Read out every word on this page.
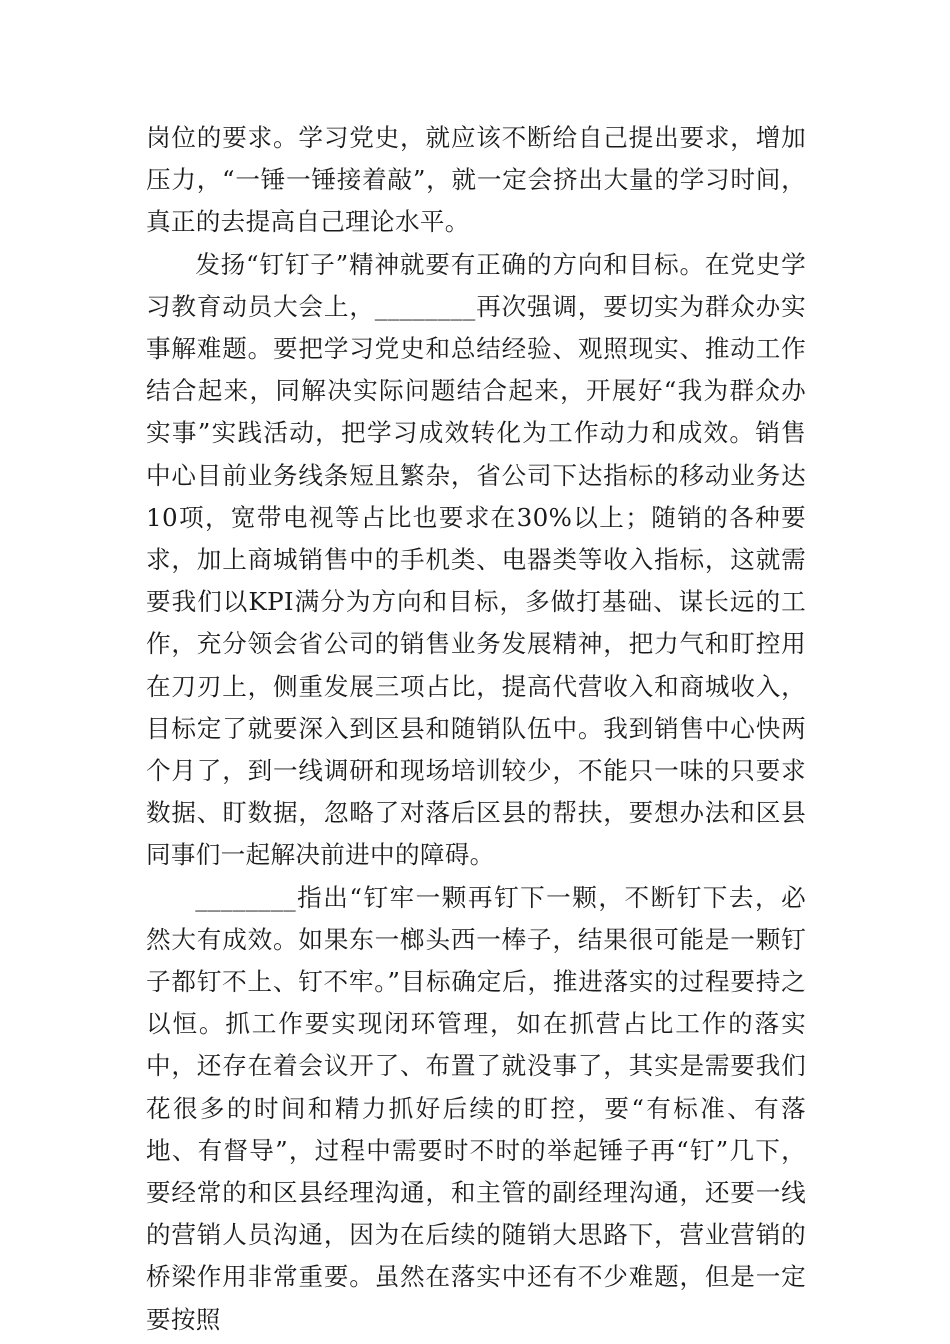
岗位的要求。学习党史，就应该不断给自己提出要求，增加压力，“一锤一锤接着敲”，就一定会挤出大量的学习时间，真正的去提高自己理论水平。

发扬“钉钉子”精神就要有正确的方向和目标。在党史学习教育动员大会上，________再次强调，要切实为群众办实事解难题。要把学习党史和总结经验、观照现实、推动工作结合起来，同解决实际问题结合起来，开展好“我为群众办实事”实践活动，把学习成效转化为工作动力和成效。销售中心目前业务线条短且繁杂，省公司下达指标的移动业务达10项，宽带电视等占比也要求在30%以上；随销的各种要求，加上商城销售中的手机类、电器类等收入指标，这就需要我们以KPI满分为方向和目标，多做打基础、谋长远的工作，充分领会省公司的销售业务发展精神，把力气和盯控用在刀刃上，侧重发展三项占比，提高代营收入和商城收入，目标定了就要深入到区县和随销队伍中。我到销售中心快两个月了，到一线调研和现场培训较少，不能只一味的只要求数据、盯数据，忽略了对落后区县的帮扶，要想办法和区县同事们一起解决前进中的障碍。

________指出“钉牢一颗再钉下一颗，不断钉下去，必然大有成效。如果东一榔头西一棒子，结果很可能是一颗钉子都钉不上、钉不牢。”目标确定后，推进落实的过程要持之以恒。抓工作要实现闭环管理，如在抓营占比工作的落实中，还存在着会议开了、布置了就没事了，其实是需要我们花很多的时间和精力抓好后续的盯控，要“有标准、有落地、有督导”，过程中需要时不时的举起锤子再“钉”几下，要经常的和区县经理沟通，和主管的副经理沟通，还要一线的营销人员沟通，因为在后续的随销大思路下，营业营销的桥梁作用非常重要。虽然在落实中还有不少难题，但是一定要按照
